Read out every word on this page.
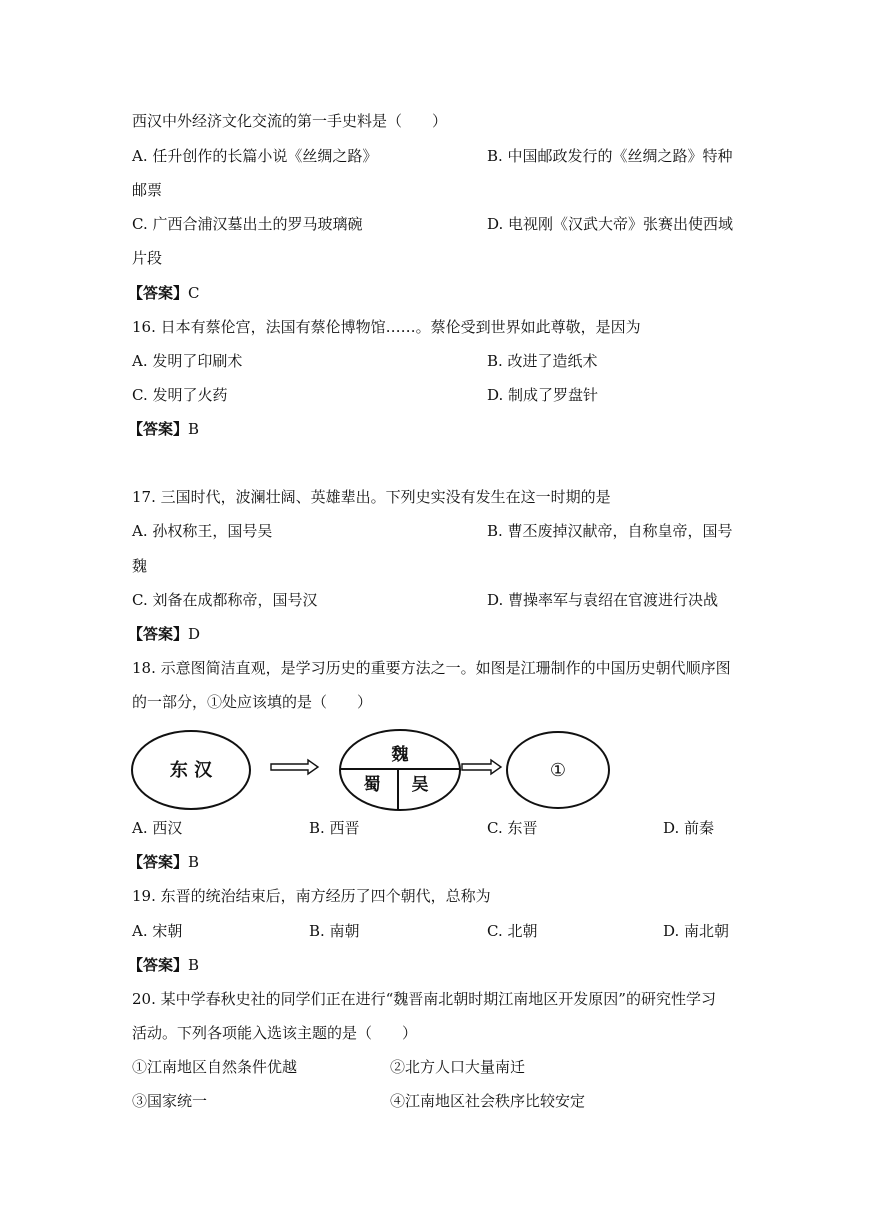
西汉中外经济文化交流的第一手史料是（　　）
A. 任升创作的长篇小说《丝绸之路》	B. 中国邮政发行的《丝绸之路》特种
邮票
C. 广西合浦汉墓出土的罗马玻璃碗	D. 电视刚《汉武大帝》张赛出使西域
片段
【答案】C
16. 日本有蔡伦宫，法国有蔡伦博物馆……。蔡伦受到世界如此尊敬，是因为
A. 发明了印刷术	B. 改进了造纸术
C. 发明了火药	D. 制成了罗盘针
【答案】B
17. 三国时代，波澜壮阔、英雄辈出。下列史实没有发生在这一时期的是
A. 孙权称王，国号吴	B. 曹丕废掉汉献帝，自称皇帝，国号
魏
C. 刘备在成都称帝，国号汉	D. 曹操率军与袁绍在官渡进行决战
【答案】D
18. 示意图简洁直观，是学习历史的重要方法之一。如图是江珊制作的中国历史朝代顺序图
的一部分，①处应该填的是（　　）
东 汉
魏
蜀 吴
①
A. 西汉	B. 西晋	C. 东晋	D. 前秦
【答案】B
19. 东晋的统治结束后，南方经历了四个朝代，总称为
A. 宋朝	B. 南朝	C. 北朝	D. 南北朝
【答案】B
20. 某中学春秋史社的同学们正在进行“魏晋南北朝时期江南地区开发原因”的研究性学习
活动。下列各项能入选该主题的是（　　）
①江南地区自然条件优越	②北方人口大量南迁
③国家统一	④江南地区社会秩序比较安定
